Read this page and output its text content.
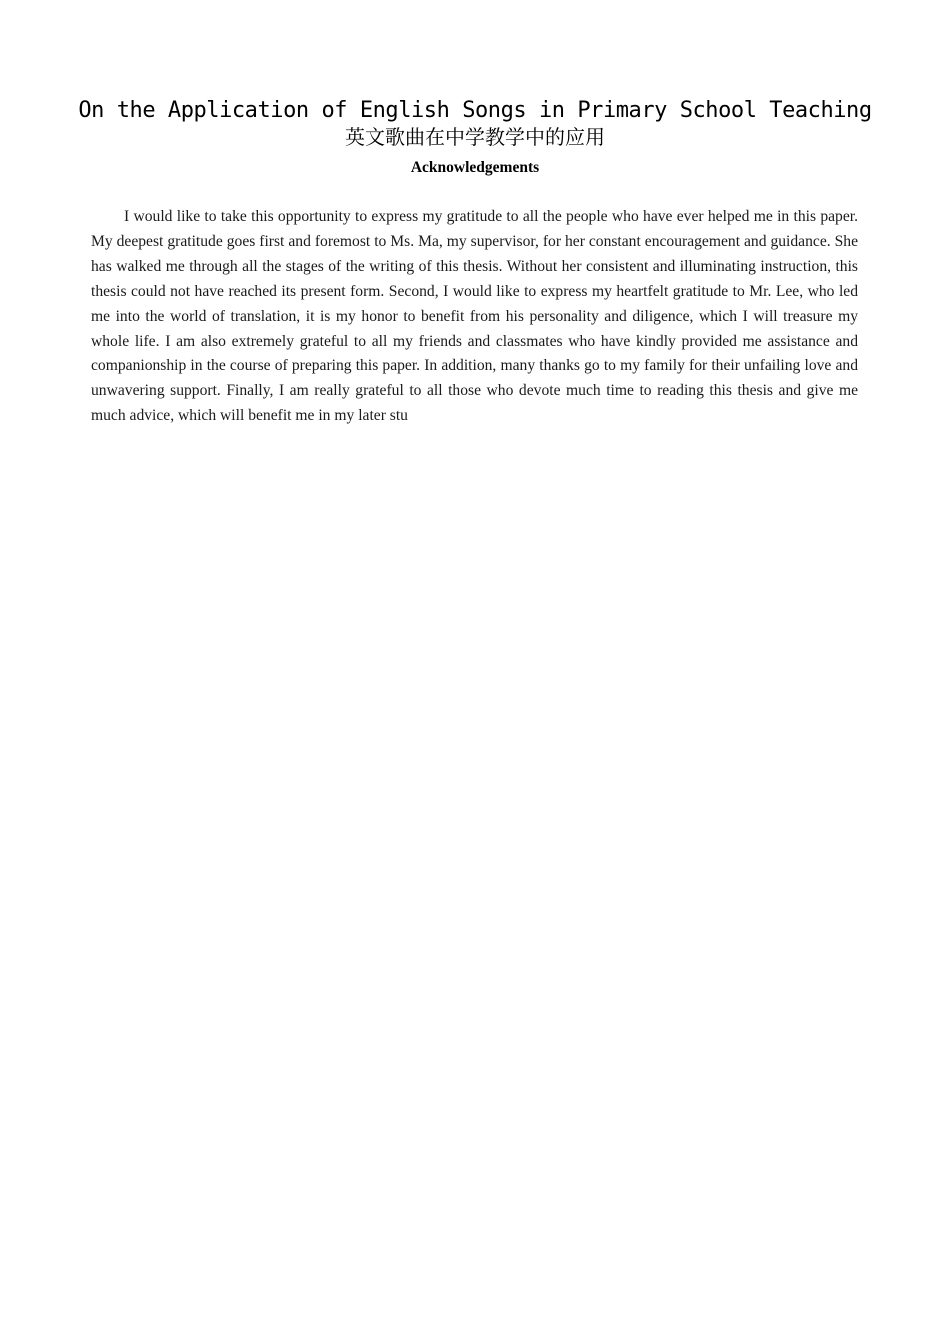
On the Application of English Songs in Primary School Teaching
英文歌曲在中学教学中的应用
Acknowledgements

I would like to take this opportunity to express my gratitude to all the people who have ever helped me in this paper. My deepest gratitude goes first and foremost to Ms. Ma, my supervisor, for her constant encouragement and guidance. She has walked me through all the stages of the writing of this thesis. Without her consistent and illuminating instruction, this thesis could not have reached its present form. Second, I would like to express my heartfelt gratitude to Mr. Lee, who led me into the world of translation, it is my honor to benefit from his personality and diligence, which I will treasure my whole life. I am also extremely grateful to all my friends and classmates who have kindly provided me assistance and companionship in the course of preparing this paper. In addition, many thanks go to my family for their unfailing love and unwavering support. Finally, I am really grateful to all those who devote much time to reading this thesis and give me much advice, which will benefit me in my later stu
